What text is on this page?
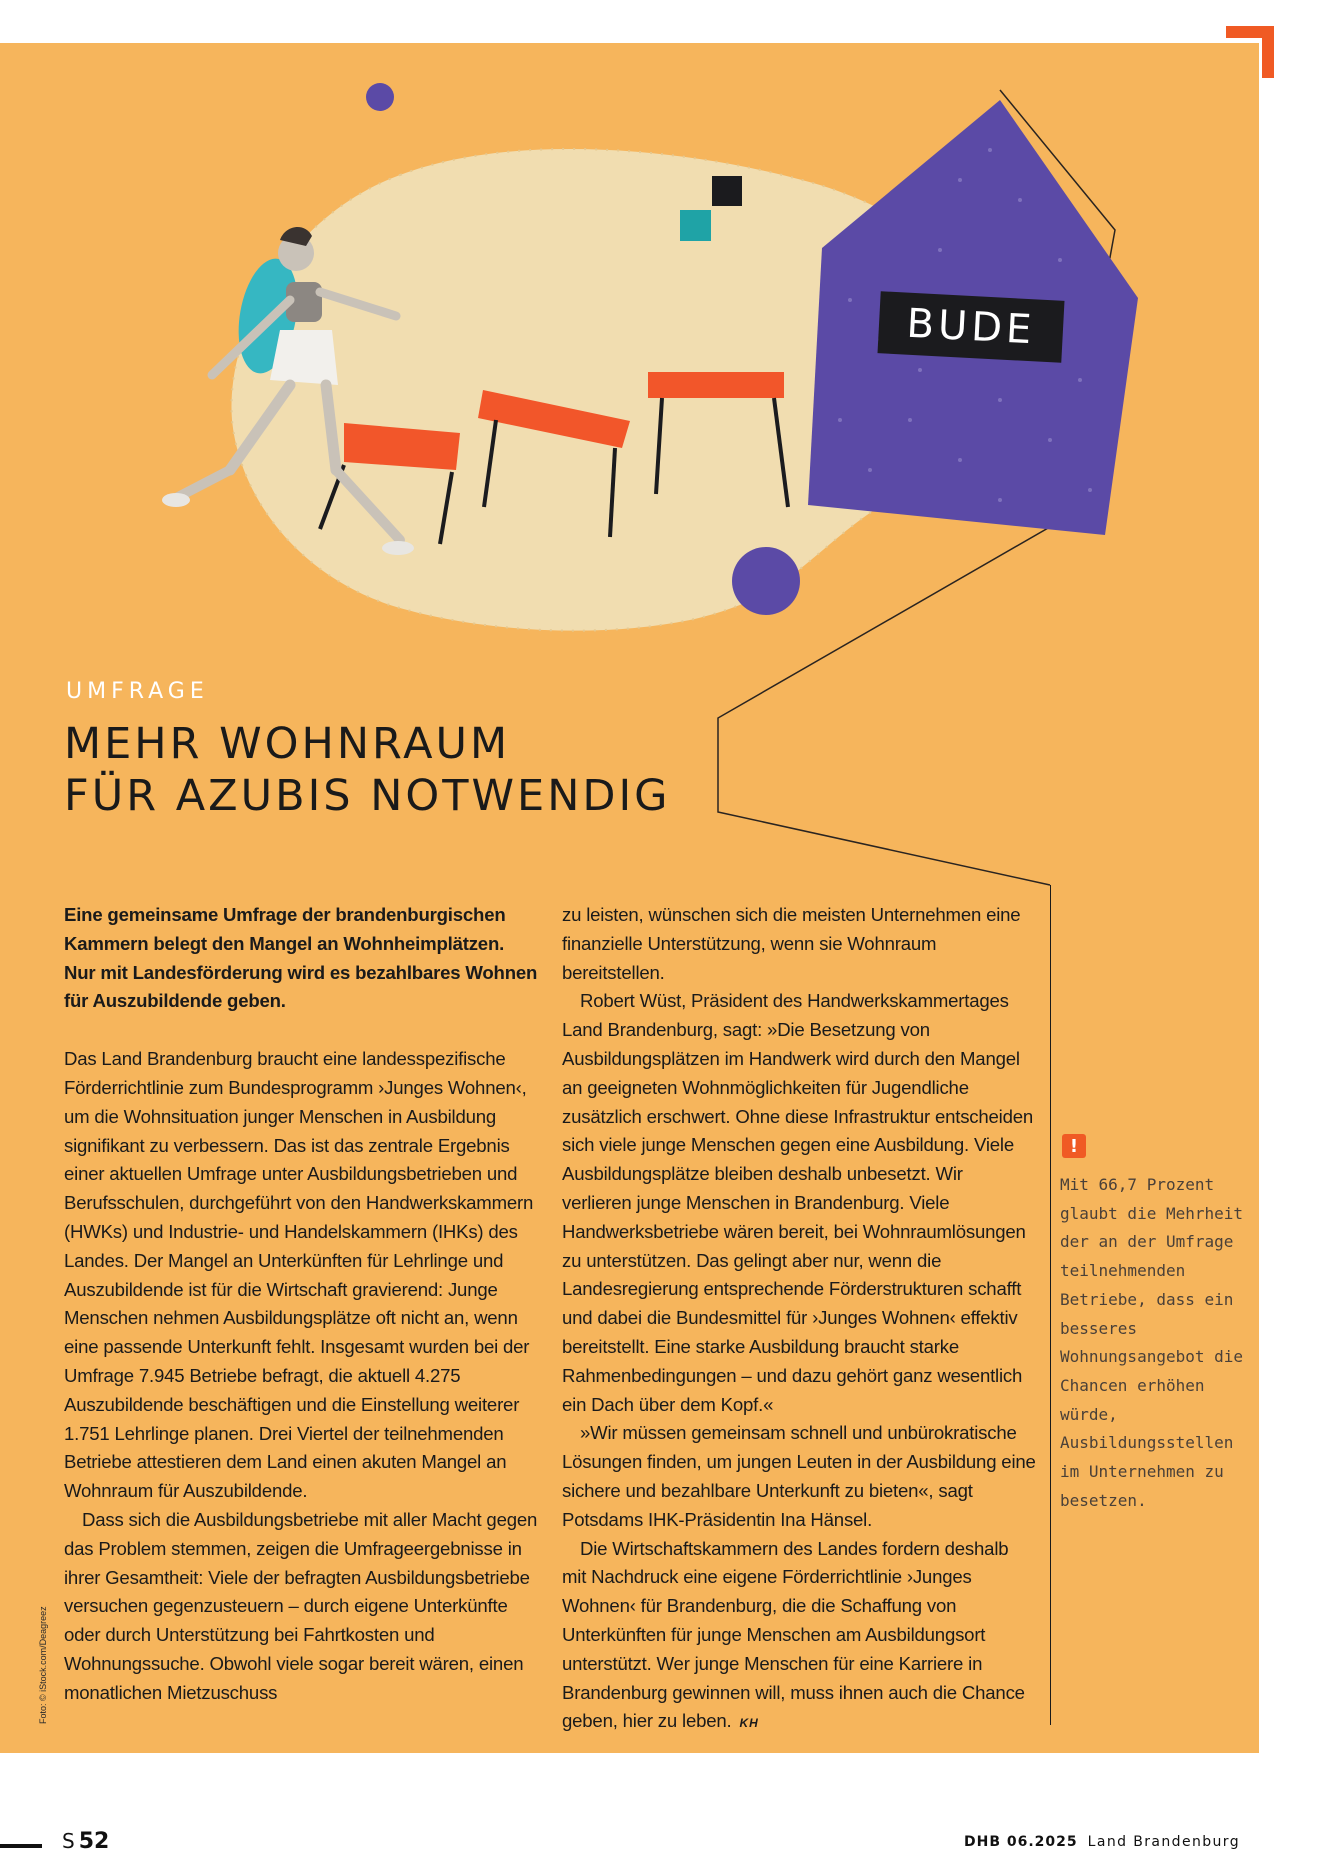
BUDE
UMFRAGE
MEHR WOHNRAUM
FÜR AZUBIS NOTWENDIG

Eine gemeinsame Umfrage der brandenburgischen Kammern belegt den Mangel an Wohnheimplätzen. Nur mit Landesförderung wird es bezahlbares Wohnen für Auszubildende geben.

Das Land Brandenburg braucht eine landesspezifische Förderrichtlinie zum Bundesprogramm ›Junges Wohnen‹, um die Wohnsituation junger Menschen in Ausbildung signifikant zu verbessern. Das ist das zentrale Ergebnis einer aktuellen Umfrage unter Ausbildungsbetrieben und Berufsschulen, durchgeführt von den Handwerkskammern (HWKs) und Industrie- und Handelskammern (IHKs) des Landes. Der Mangel an Unterkünften für Lehrlinge und Auszubildende ist für die Wirtschaft gravierend: Junge Menschen nehmen Ausbildungsplätze oft nicht an, wenn eine passende Unterkunft fehlt. Insgesamt wurden bei der Umfrage 7.945 Betriebe befragt, die aktuell 4.275 Auszubildende beschäftigen und die Einstellung weiterer 1.751 Lehrlinge planen. Drei Viertel der teilnehmenden Betriebe attestieren dem Land einen akuten Mangel an Wohnraum für Auszubildende.

Dass sich die Ausbildungsbetriebe mit aller Macht gegen das Problem stemmen, zeigen die Umfrageergebnisse in ihrer Gesamtheit: Viele der befragten Ausbildungsbetriebe versuchen gegenzusteuern – durch eigene Unterkünfte oder durch Unterstützung bei Fahrtkosten und Wohnungssuche. Obwohl viele sogar bereit wären, einen monatlichen Mietzuschuss

zu leisten, wünschen sich die meisten Unternehmen eine finanzielle Unterstützung, wenn sie Wohnraum bereitstellen.

Robert Wüst, Präsident des Handwerkskammertages Land Brandenburg, sagt: »Die Besetzung von Ausbildungsplätzen im Handwerk wird durch den Mangel an geeigneten Wohnmöglichkeiten für Jugendliche zusätzlich erschwert. Ohne diese Infrastruktur entscheiden sich viele junge Menschen gegen eine Ausbildung. Viele Ausbildungsplätze bleiben deshalb unbesetzt. Wir verlieren junge Menschen in Brandenburg. Viele Handwerksbetriebe wären bereit, bei Wohnraumlösungen zu unterstützen. Das gelingt aber nur, wenn die Landesregierung entsprechende Förderstrukturen schafft und dabei die Bundesmittel für ›Junges Wohnen‹ effektiv bereitstellt. Eine starke Ausbildung braucht starke Rahmenbedingungen – und dazu gehört ganz wesentlich ein Dach über dem Kopf.«

»Wir müssen gemeinsam schnell und unbürokratische Lösungen finden, um jungen Leuten in der Ausbildung eine sichere und bezahlbare Unterkunft zu bieten«, sagt Potsdams IHK-Präsidentin Ina Hänsel.

Die Wirtschaftskammern des Landes fordern deshalb mit Nachdruck eine eigene Förderrichtlinie ›Junges Wohnen‹ für Brandenburg, die die Schaffung von Unterkünften für junge Menschen am Ausbildungsort unterstützt. Wer junge Menschen für eine Karriere in Brandenburg gewinnen will, muss ihnen auch die Chance geben, hier zu leben. KH

!

Mit 66,7 Prozent glaubt die Mehrheit der an der Umfrage teilnehmenden Betriebe, dass ein besseres Wohnungsangebot die Chancen erhöhen würde, Ausbildungsstellen im Unternehmen zu besetzen.

Foto: © iStock.com/Deagreez
S 52	DHB 06.2025 Land Brandenburg
